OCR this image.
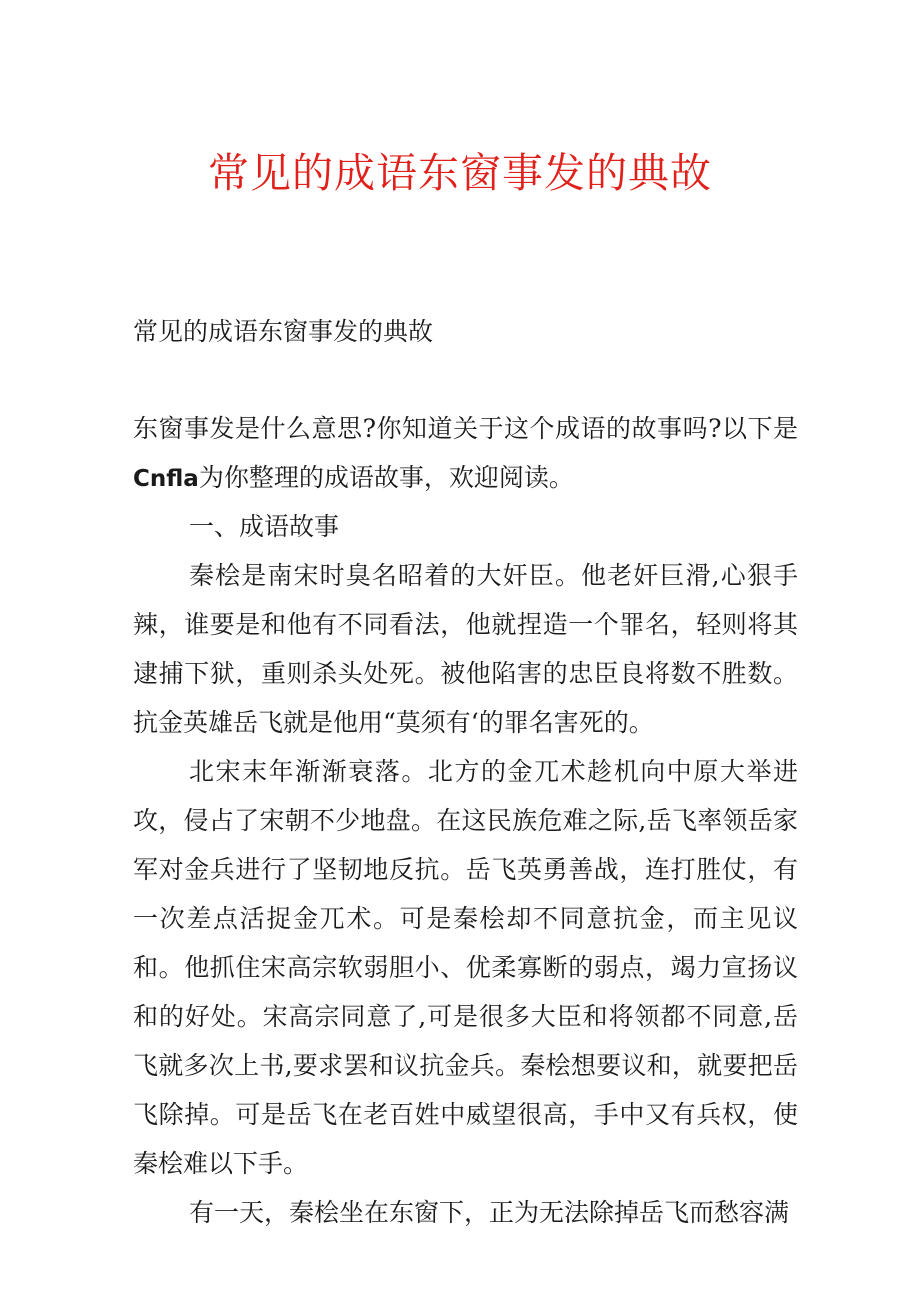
常见的成语东窗事发的典故
常见的成语东窗事发的典故

东窗事发是什么意思?你知道关于这个成语的故事吗?以下是Cnfla为你整理的成语故事，欢迎阅读。

一、成语故事

秦桧是南宋时臭名昭着的大奸臣。他老奸巨滑,心狠手辣，谁要是和他有不同看法，他就捏造一个罪名，轻则将其逮捕下狱，重则杀头处死。被他陷害的忠臣良将数不胜数。抗金英雄岳飞就是他用“莫须有‘的罪名害死的。

北宋末年渐渐衰落。北方的金兀术趁机向中原大举进攻，侵占了宋朝不少地盘。在这民族危难之际,岳飞率领岳家军对金兵进行了坚韧地反抗。岳飞英勇善战，连打胜仗，有一次差点活捉金兀术。可是秦桧却不同意抗金，而主见议和。他抓住宋高宗软弱胆小、优柔寡断的弱点，竭力宣扬议和的好处。宋高宗同意了,可是很多大臣和将领都不同意,岳飞就多次上书,要求罢和议抗金兵。秦桧想要议和，就要把岳飞除掉。可是岳飞在老百姓中威望很高，手中又有兵权，使秦桧难以下手。

有一天，秦桧坐在东窗下，正为无法除掉岳飞而愁容满
